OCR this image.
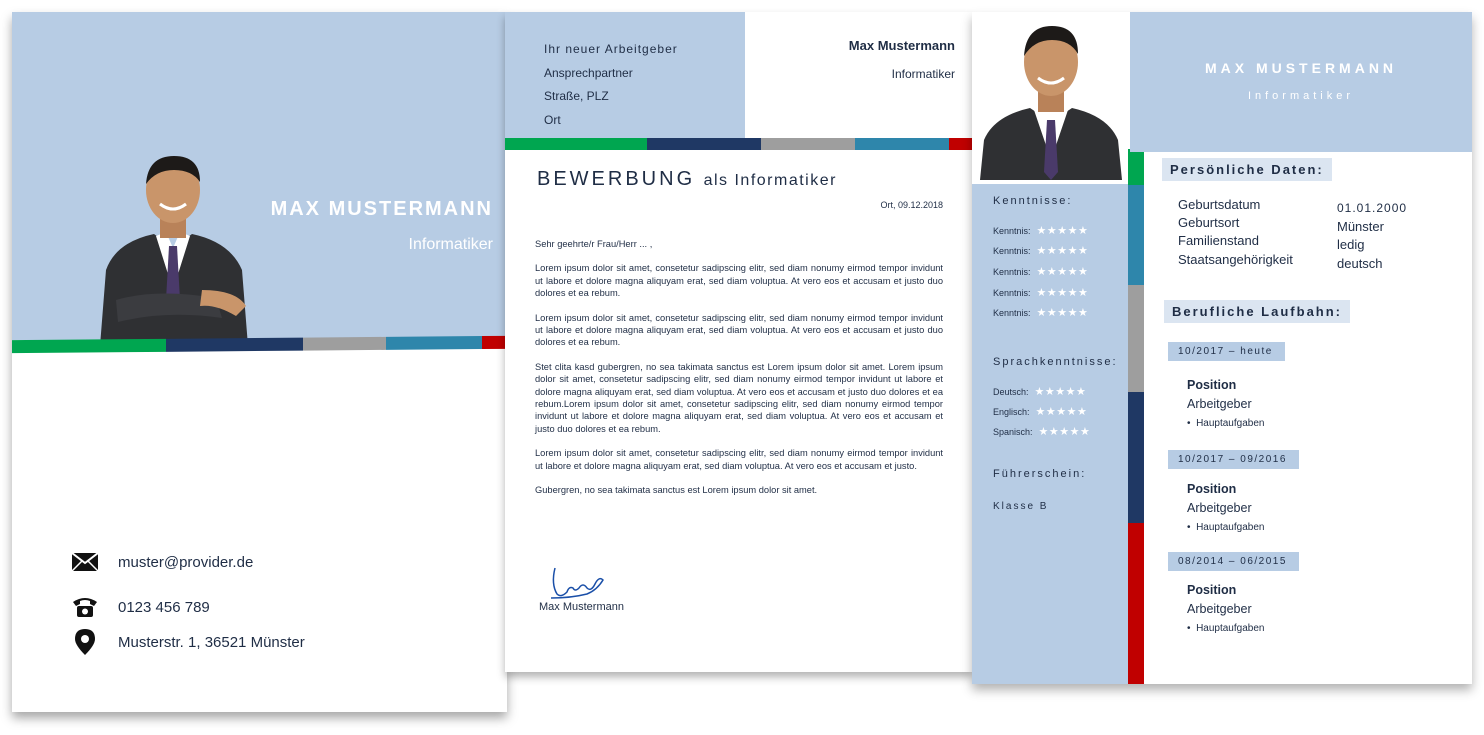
MAX MUSTERMANN
Informatiker
muster@provider.de
0123 456 789
Musterstr. 1, 36521 Münster
Ihr neuer Arbeitgeber
Ansprechpartner
Straße, PLZ
Ort
Max Mustermann
Informatiker
BEWERBUNG als Informatiker
Ort, 09.12.2018

Sehr geehrte/r Frau/Herr ... ,

Lorem ipsum dolor sit amet, consetetur sadipscing elitr, sed diam nonumy eirmod tempor invidunt ut labore et dolore magna aliquyam erat, sed diam voluptua. At vero eos et accusam et justo duo dolores et ea rebum.

Lorem ipsum dolor sit amet, consetetur sadipscing elitr, sed diam nonumy eirmod tempor invidunt ut labore et dolore magna aliquyam erat, sed diam voluptua. At vero eos et accusam et justo duo dolores et ea rebum.

Stet clita kasd gubergren, no sea takimata sanctus est Lorem ipsum dolor sit amet. Lorem ipsum dolor sit amet, consetetur sadipscing elitr, sed diam nonumy eirmod tempor invidunt ut labore et dolore magna aliquyam erat, sed diam voluptua. At vero eos et accusam et justo duo dolores et ea rebum.Lorem ipsum dolor sit amet, consetetur sadipscing elitr, sed diam nonumy eirmod tempor invidunt ut labore et dolore magna aliquyam erat, sed diam voluptua. At vero eos et accusam et justo duo dolores et ea rebum.

Lorem ipsum dolor sit amet, consetetur sadipscing elitr, sed diam nonumy eirmod tempor invidunt ut labore et dolore magna aliquyam erat, sed diam voluptua. At vero eos et accusam et justo.

Gubergren, no sea takimata sanctus est Lorem ipsum dolor sit amet.

Max Mustermann
Kenntnisse:
Kenntnis: ★★★★★
Kenntnis: ★★★★★
Kenntnis: ★★★★★
Kenntnis: ★★★★★
Kenntnis: ★★★★★
Sprachkenntnisse:
Deutsch: ★★★★★
Englisch: ★★★★★
Spanisch: ★★★★★
Führerschein:
Klasse B
MAX MUSTERMANN
Informatiker
Persönliche Daten:
Geburtsdatum	01.01.2000
Geburtsort	Münster
Familienstand	ledig
Staatsangehörigkeit	deutsch
Berufliche Laufbahn:
10/2017 – heute
Position
Arbeitgeber
•  Hauptaufgaben
10/2017 – 09/2016
Position
Arbeitgeber
•  Hauptaufgaben
08/2014 – 06/2015
Position
Arbeitgeber
•  Hauptaufgaben
